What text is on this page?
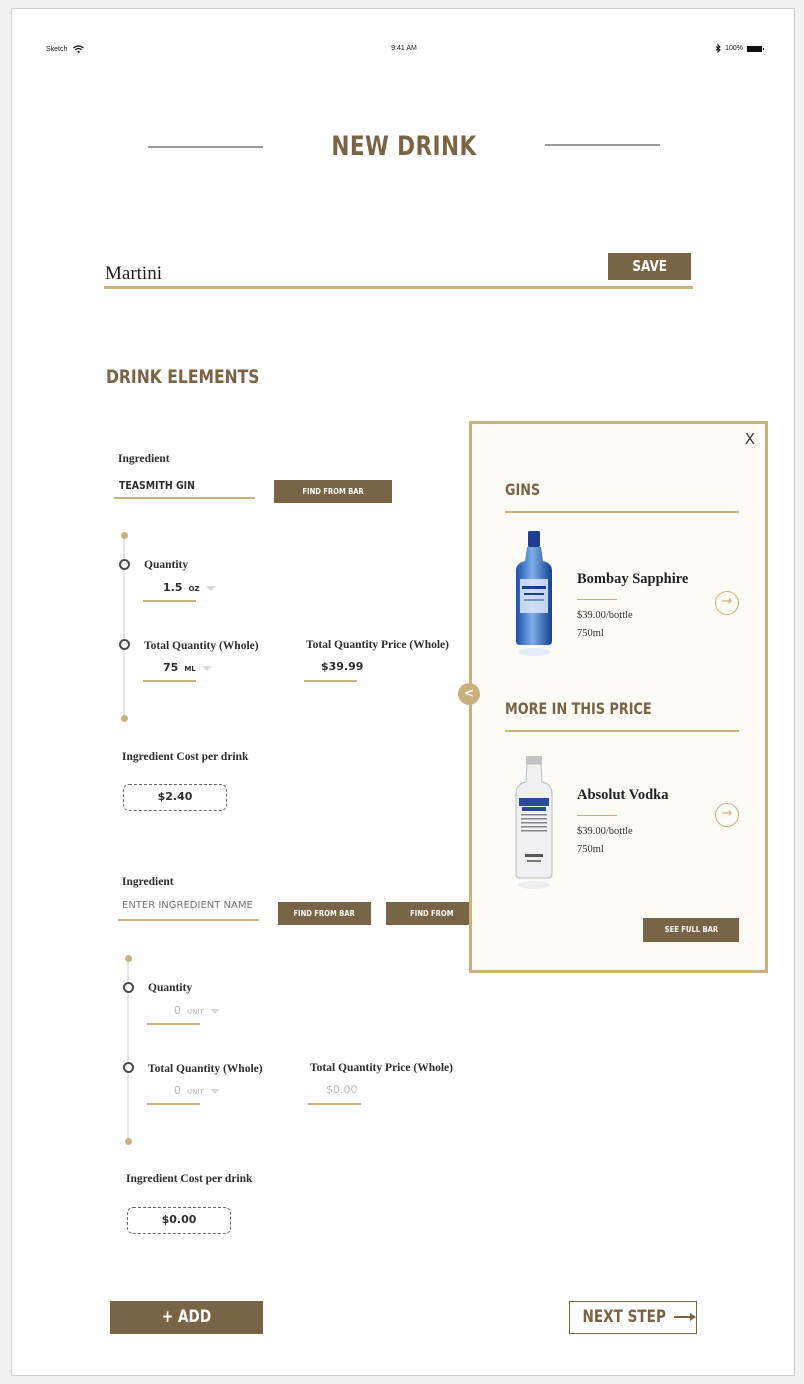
Sketch	9:41 AM	100%
NEW DRINK
Martini
SAVE
DRINK ELEMENTS
Ingredient
TEASMITH GIN	FIND FROM BAR
Quantity
1.5 OZ
Total Quantity (Whole)
75 ML
Total Quantity Price (Whole)
$39.99
Ingredient Cost per drink
$2.40
Ingredient
ENTER INGREDIENT NAME
FIND FROM BAR	FIND FROM SEVEN
Quantity
0 UNIT
Total Quantity (Whole)
0 UNIT
Total Quantity Price (Whole)
$0.00
Ingredient Cost per drink
$0.00
+ ADD INGREDIENT
NEXT STEP
<
X
GINS
Bombay Sapphire
$39.00/bottle
750ml
→
MORE IN THIS PRICE
Absolut Vodka
$39.00/bottle
750ml
→
SEE FULL BAR
